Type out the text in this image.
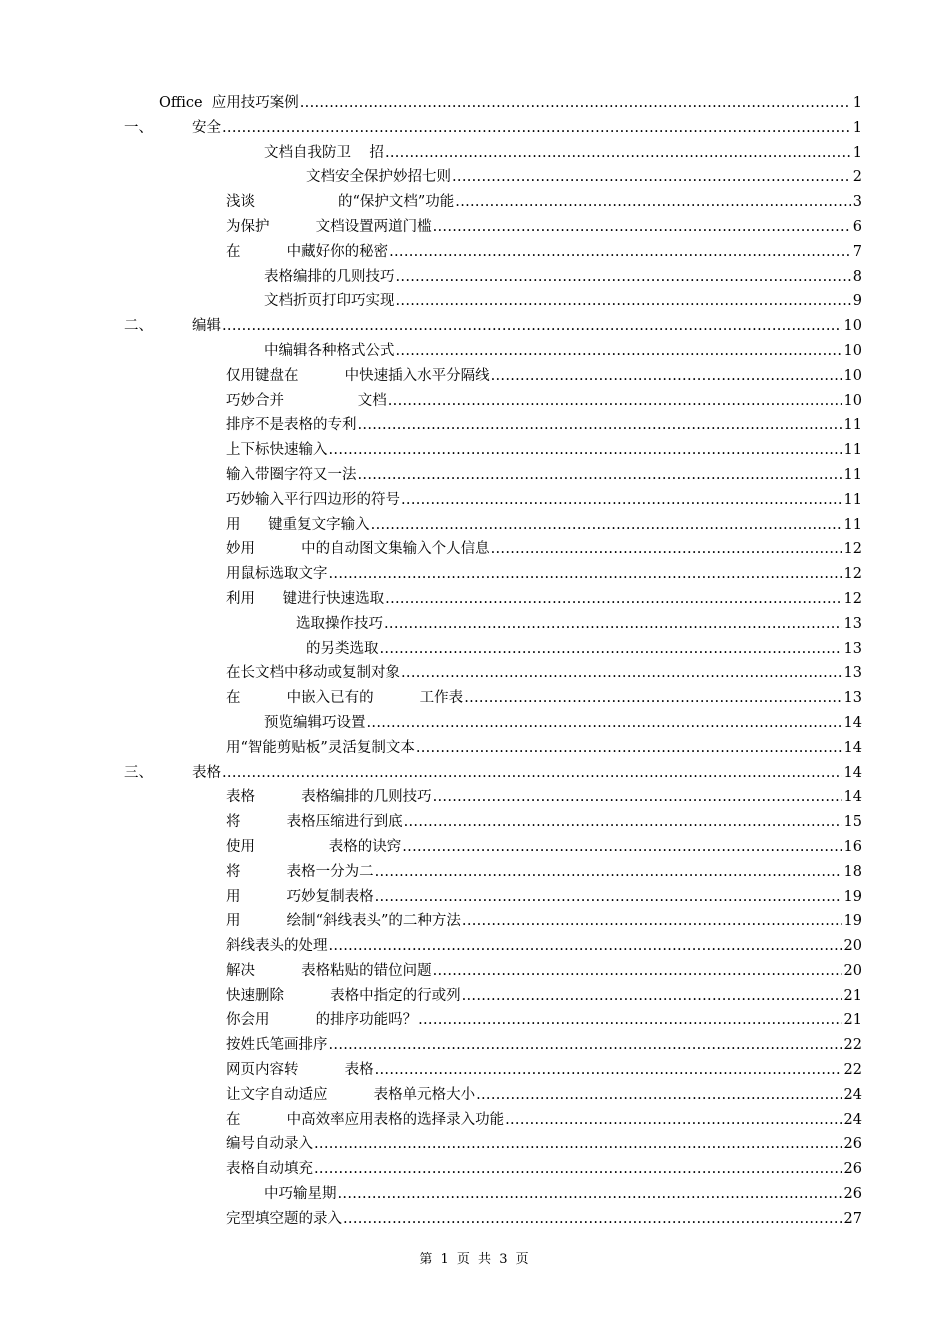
Office  应用技巧案例 .....	1
一、	安全 .....	1
文档自我防卫    招 .....	1
文档安全保护妙招七则 .....	2
浅谈                  的“保护文档”功能 .....	3
为保护          文档设置两道门槛 .....	6
在          中藏好你的秘密 .....	7
表格编排的几则技巧 .....	8
文档折页打印巧实现 .....	9
二、	编辑 .....	10
中编辑各种格式公式 .....	10
仅用键盘在          中快速插入水平分隔线 .....	10
巧妙合并                文档 .....	10
排序不是表格的专利 .....	11
上下标快速输入 .....	11
输入带圈字符又一法 .....	11
巧妙输入平行四边形的符号 .....	11
用      键重复文字输入 .....	11
妙用          中的自动图文集输入个人信息 .....	12
用鼠标选取文字 .....	12
利用      键进行快速选取 .....	12
选取操作技巧 .....	13
的另类选取 .....	13
在长文档中移动或复制对象 .....	13
在          中嵌入已有的          工作表 .....	13
预览编辑巧设置 .....	14
用“智能剪贴板”灵活复制文本 .....	14
三、	表格 .....	14
表格          表格编排的几则技巧 .....	14
将          表格压缩进行到底 .....	15
使用                表格的诀窍 .....	16
将          表格一分为二 .....	18
用          巧妙复制表格 .....	19
用          绘制“斜线表头”的二种方法 .....	19
斜线表头的处理 .....	20
解决          表格粘贴的错位问题 .....	20
快速删除          表格中指定的行或列 .....	21
你会用          的排序功能吗？ .....	21
按姓氏笔画排序 .....	22
网页内容转          表格 .....	22
让文字自动适应          表格单元格大小 .....	24
在          中高效率应用表格的选择录入功能 .....	24
编号自动录入 .....	26
表格自动填充 .....	26
中巧输星期 .....	26
完型填空题的录入 .....	27
第 1 页 共 3 页
